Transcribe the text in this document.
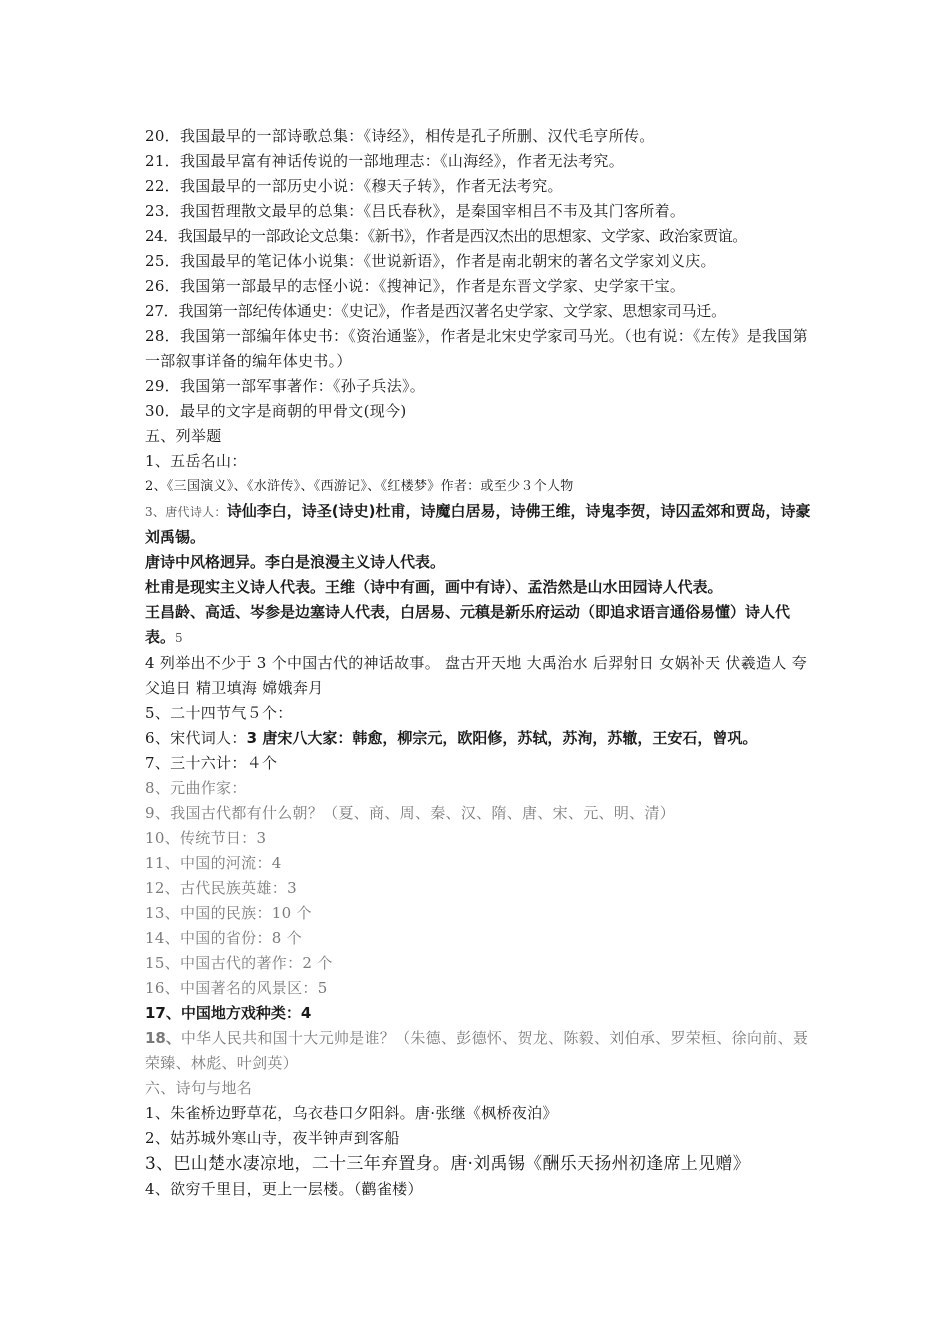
20．我国最早的一部诗歌总集：《诗经》，相传是孔子所删、汉代毛亨所传。
21．我国最早富有神话传说的一部地理志：《山海经》，作者无法考究。
22．我国最早的一部历史小说：《穆天子转》，作者无法考究。
23．我国哲理散文最早的总集：《吕氏春秋》，是秦国宰相吕不韦及其门客所着。
24．我国最早的一部政论文总集：《新书》，作者是西汉杰出的思想家、文学家、政治家贾谊。
25．我国最早的笔记体小说集：《世说新语》，作者是南北朝宋的著名文学家刘义庆。
26．我国第一部最早的志怪小说：《搜神记》，作者是东晋文学家、史学家干宝。
27．我国第一部纪传体通史：《史记》，作者是西汉著名史学家、文学家、思想家司马迁。
28．我国第一部编年体史书：《资治通鉴》，作者是北宋史学家司马光。（也有说：《左传》是我国第一部叙事详备的编年体史书。）
29．我国第一部军事著作：《孙子兵法》。
30．最早的文字是商朝的甲骨文(现今)
五、列举题
1、五岳名山：
2、《三国演义》、《水浒传》、《西游记》、《红楼梦》作者：或至少３个人物
3、唐代诗人：诗仙李白，诗圣(诗史)杜甫，诗魔白居易，诗佛王维，诗鬼李贺，诗囚孟郊和贾岛，诗豪刘禹锡。
唐诗中风格迥异。李白是浪漫主义诗人代表。
杜甫是现实主义诗人代表。王维（诗中有画，画中有诗）、孟浩然是山水田园诗人代表。
王昌龄、高适、岑参是边塞诗人代表，白居易、元稹是新乐府运动（即追求语言通俗易懂）诗人代表。5
4 列举出不少于 3 个中国古代的神话故事。 盘古开天地 大禹治水 后羿射日 女娲补天 伏羲造人 夸父追日 精卫填海 嫦娥奔月
5、二十四节气５个：
6、宋代词人：3 唐宋八大家：韩愈，柳宗元，欧阳修，苏轼，苏洵，苏辙，王安石，曾巩。
7、三十六计：４个
8、元曲作家：
9、我国古代都有什么朝？（夏、商、周、秦、汉、隋、唐、宋、元、明、清）
10、传统节日：3
11、中国的河流：4
12、古代民族英雄：3
13、中国的民族：10 个
14、中国的省份：8 个
15、中国古代的著作：2 个
16、中国著名的风景区：5
17、中国地方戏种类：4
18、中华人民共和国十大元帅是谁？（朱德、彭德怀、贺龙、陈毅、刘伯承、罗荣桓、徐向前、聂荣臻、林彪、叶剑英）
六、诗句与地名
1、朱雀桥边野草花，乌衣巷口夕阳斜。唐·张继《枫桥夜泊》
2、姑苏城外寒山寺，夜半钟声到客船
3、巴山楚水凄凉地，二十三年弃置身。唐·刘禹锡《酬乐天扬州初逢席上见赠》
4、欲穷千里目，更上一层楼。（鹳雀楼）
